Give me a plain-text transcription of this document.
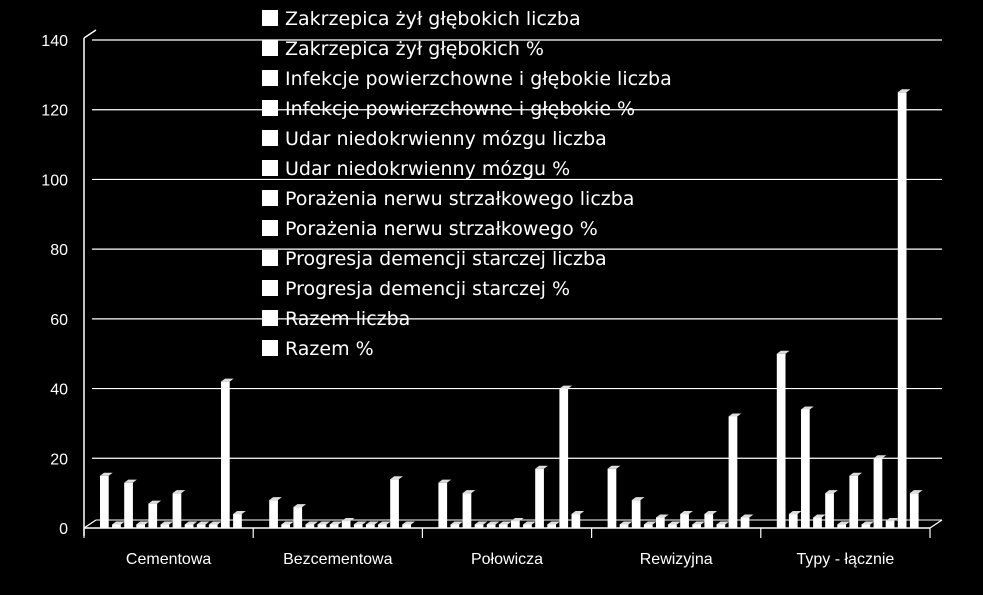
0
20
40
60
80
100
120
140
Cementowa	Bezcementowa	Połowicza	Rewizyjna	Typy - łącznie
Zakrzepica żył głębokich liczba
Zakrzepica żył głębokich %
Infekcje powierzchowne i głębokie liczba
Infekcje powierzchowne i głębokie %
Udar niedokrwienny mózgu liczba
Udar niedokrwienny mózgu %
Porażenia nerwu strzałkowego liczba
Porażenia nerwu strzałkowego %
Progresja demencji starczej liczba
Progresja demencji starczej %
Razem liczba
Razem %
